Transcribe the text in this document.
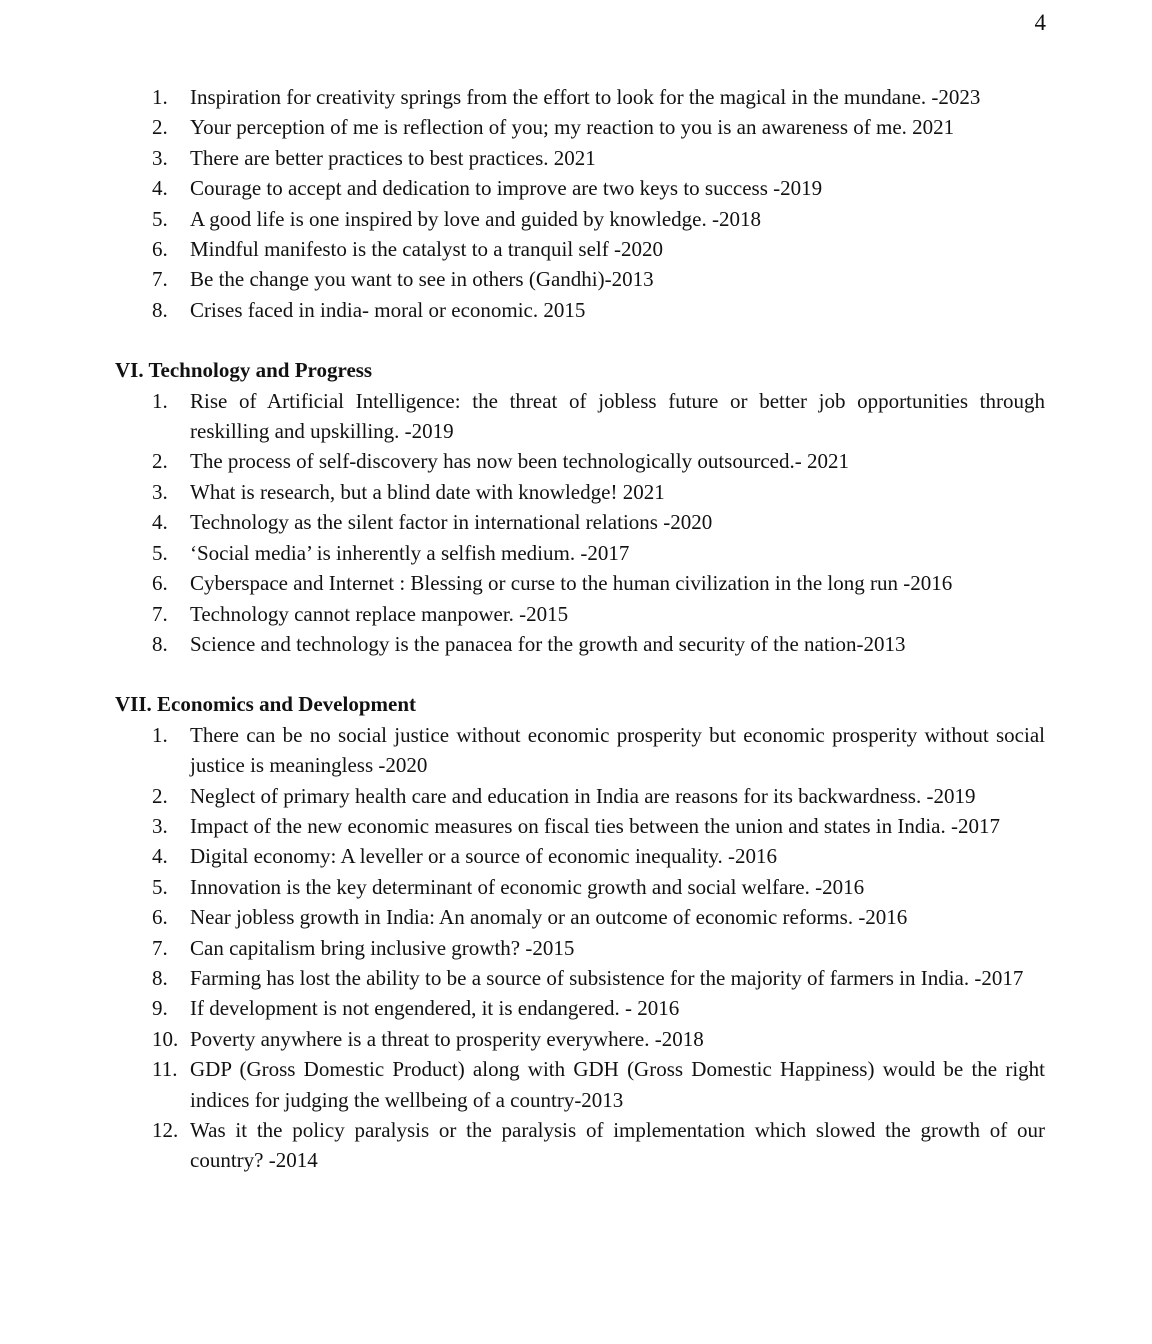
4
1.	Inspiration for creativity springs from the effort to look for the magical in the mundane. -2023
2.	Your perception of me is reflection of you; my reaction to you is an awareness of me. 2021
3.	There are better practices to best practices. 2021
4.	Courage to accept and dedication to improve are two keys to success -2019
5.	A good life is one inspired by love and guided by knowledge. -2018
6.	Mindful manifesto is the catalyst to a tranquil self -2020
7.	Be the change you want to see in others (Gandhi)-2013
8.	Crises faced in india- moral or economic. 2015
VI. Technology and Progress
1.	Rise of Artificial Intelligence: the threat of jobless future or better job opportunities through reskilling and upskilling. -2019
2.	The process of self-discovery has now been technologically outsourced.- 2021
3.	What is research, but a blind date with knowledge! 2021
4.	Technology as the silent factor in international relations -2020
5.	‘Social media’ is inherently a selfish medium. -2017
6.	Cyberspace and Internet : Blessing or curse to the human civilization in the long run -2016
7.	Technology cannot replace manpower. -2015
8.	Science and technology is the panacea for the growth and security of the nation-2013
VII. Economics and Development
1.	There can be no social justice without economic prosperity but economic prosperity without social justice is meaningless -2020
2.	Neglect of primary health care and education in India are reasons for its backwardness. -2019
3.	Impact of the new economic measures on fiscal ties between the union and states in India. -2017
4.	Digital economy: A leveller or a source of economic inequality. -2016
5.	Innovation is the key determinant of economic growth and social welfare. -2016
6.	Near jobless growth in India: An anomaly or an outcome of economic reforms. -2016
7.	Can capitalism bring inclusive growth? -2015
8.	Farming has lost the ability to be a source of subsistence for the majority of farmers in India. -2017
9.	If development is not engendered, it is endangered. - 2016
10. Poverty anywhere is a threat to prosperity everywhere. -2018
11. GDP (Gross Domestic Product) along with GDH (Gross Domestic Happiness) would be the right indices for judging the wellbeing of a country-2013
12. Was it the policy paralysis or the paralysis of implementation which slowed the growth of our country? -2014
